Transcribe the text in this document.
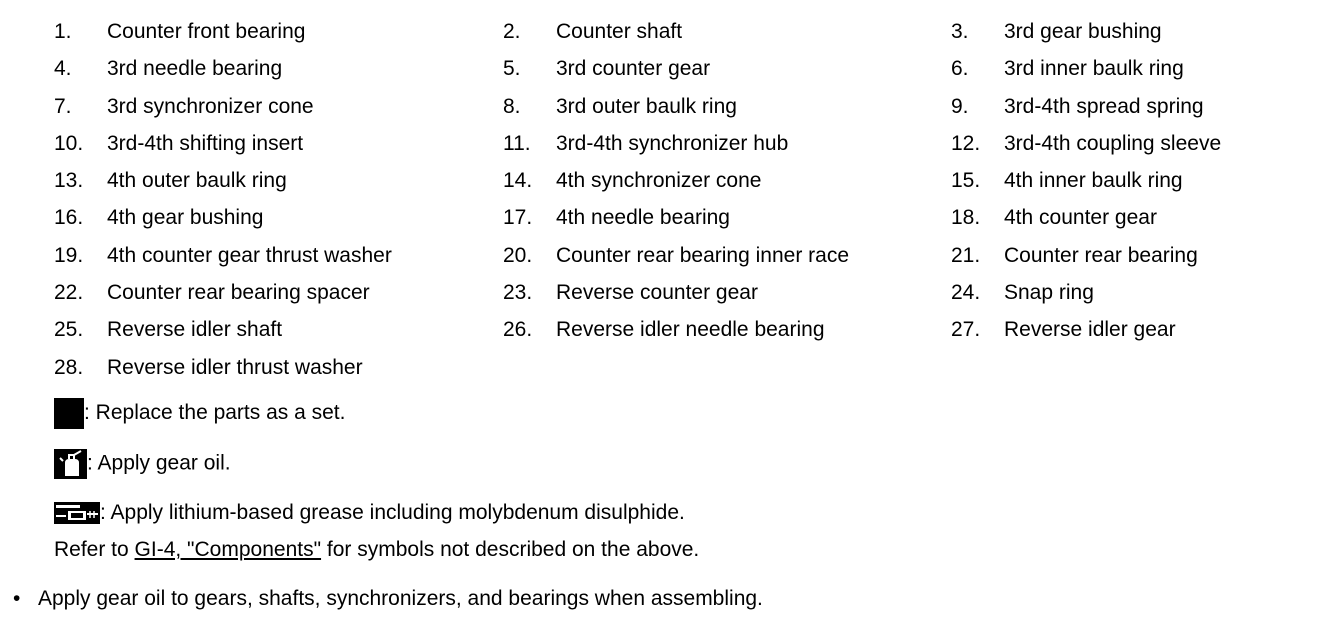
1. Counter front bearing	2. Counter shaft	3. 3rd gear bushing
4. 3rd needle bearing	5. 3rd counter gear	6. 3rd inner baulk ring
7. 3rd synchronizer cone	8. 3rd outer baulk ring	9. 3rd-4th spread spring
10. 3rd-4th shifting insert	11. 3rd-4th synchronizer hub	12. 3rd-4th coupling sleeve
13. 4th outer baulk ring	14. 4th synchronizer cone	15. 4th inner baulk ring
16. 4th gear bushing	17. 4th needle bearing	18. 4th counter gear
19. 4th counter gear thrust washer	20. Counter rear bearing inner race	21. Counter rear bearing
22. Counter rear bearing spacer	23. Reverse counter gear	24. Snap ring
25. Reverse idler shaft	26. Reverse idler needle bearing	27. Reverse idler gear
28. Reverse idler thrust washer
: Replace the parts as a set.
: Apply gear oil.
: Apply lithium-based grease including molybdenum disulphide.
Refer to GI-4, "Components" for symbols not described on the above.
• Apply gear oil to gears, shafts, synchronizers, and bearings when assembling.
